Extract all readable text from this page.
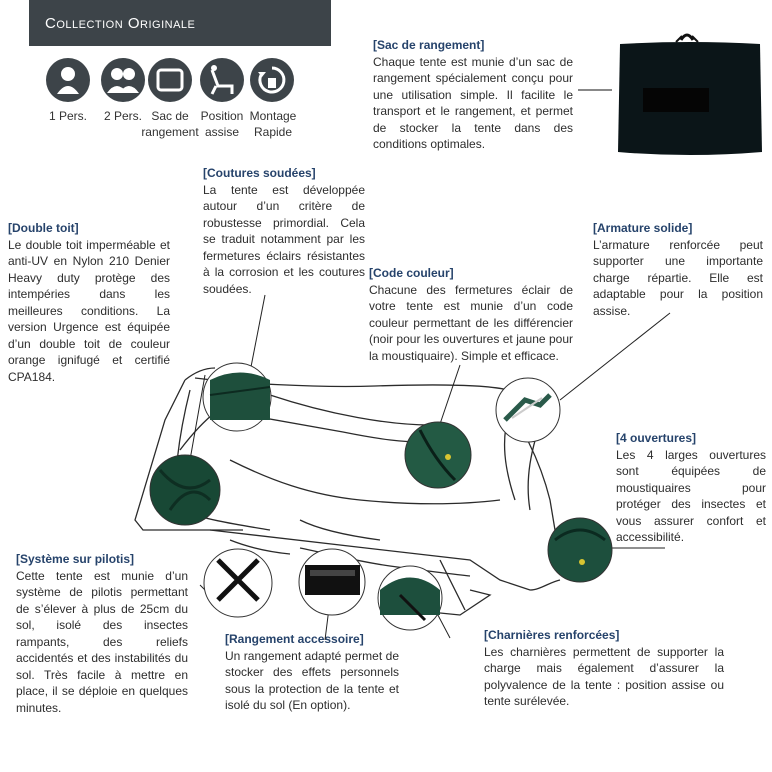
Collection Originale
1 Pers.	2 Pers. Sac de rangement
Position assise
Montage Rapide
[Sac de rangement]
Chaque tente est munie d’un sac de rangement spécialement conçu pour une utilisation simple. Il facilite le transport et le rangement, et permet de stocker la tente dans des conditions optimales.
[Coutures soudées]
La tente est développée autour d’un critère de robustesse primordial. Cela se traduit notamment par les fermetures éclairs résistantes à la corrosion et les coutures soudées.
[Double toit]
Le double toit imperméable et anti-UV en Nylon 210 Denier Heavy duty protège des intempéries dans les meilleures conditions. La version Urgence est équipée d’un double toit de couleur orange ignifugé et certifié CPA184.
[Armature solide]
L’armature renforcée peut supporter une importante charge répartie. Elle est adaptable pour la position assise.
[Code couleur]
Chacune des fermetures éclair de votre tente est munie d’un code couleur permettant de les différencier (noir pour les ouvertures et jaune pour la moustiquaire). Simple et efficace.
[4 ouvertures]
Les 4 larges ouvertures sont équipées de moustiquaires pour protéger des insectes et vous assurer confort et accessibilité.
[Système sur pilotis]
Cette tente est munie d’un système de pilotis permettant de s’élever à plus de 25cm du sol, isolé des insectes rampants, des reliefs accidentés et des instabilités du sol. Très facile à mettre en place, il se déploie en quelques minutes.
[Rangement accessoire]
Un rangement adapté permet de stocker des effets personnels sous la protection de la tente et isolé du sol (En option).
[Charnières renforcées]
Les charnières permettent de supporter la charge mais également d’assurer la polyvalence de la tente : position assise ou tente surélevée.
